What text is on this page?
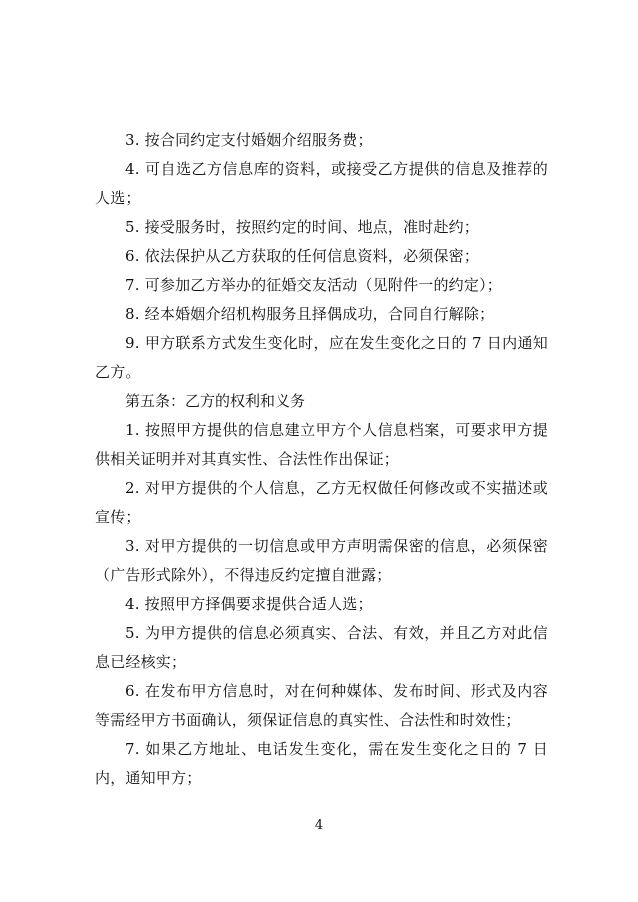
3. 按合同约定支付婚姻介绍服务费；

4. 可自选乙方信息库的资料，或接受乙方提供的信息及推荐的人选；

5. 接受服务时，按照约定的时间、地点，准时赴约；

6. 依法保护从乙方获取的任何信息资料，必须保密；

7. 可参加乙方举办的征婚交友活动（见附件一的约定）；

8. 经本婚姻介绍机构服务且择偶成功，合同自行解除；

9. 甲方联系方式发生变化时，应在发生变化之日的 7 日内通知乙方。

第五条：乙方的权利和义务

1. 按照甲方提供的信息建立甲方个人信息档案，可要求甲方提供相关证明并对其真实性、合法性作出保证；

2. 对甲方提供的个人信息，乙方无权做任何修改或不实描述或宣传；

3. 对甲方提供的一切信息或甲方声明需保密的信息，必须保密（广告形式除外），不得违反约定擅自泄露；

4. 按照甲方择偶要求提供合适人选；

5. 为甲方提供的信息必须真实、合法、有效，并且乙方对此信息已经核实；

6. 在发布甲方信息时，对在何种媒体、发布时间、形式及内容等需经甲方书面确认，须保证信息的真实性、合法性和时效性；

7. 如果乙方地址、电话发生变化，需在发生变化之日的 7 日内，通知甲方；

4
